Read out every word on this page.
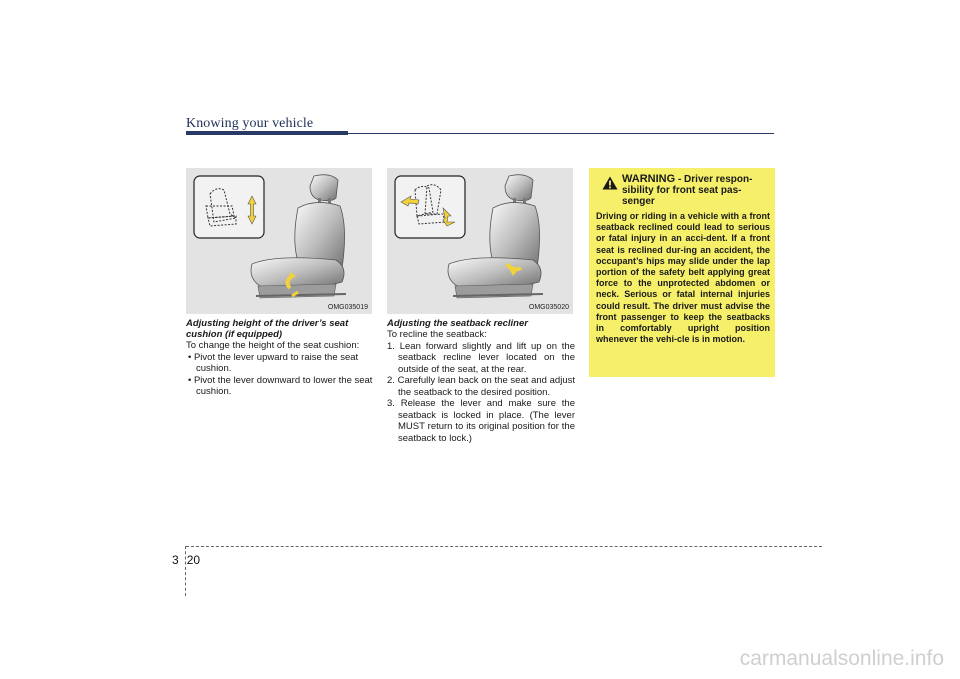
Knowing your vehicle
OMG035019	OMG035020
Adjusting height of the driver’s seat cushion (if equipped)

To change the height of the seat cushion:

• Pivot the lever upward to raise the seat cushion.

• Pivot the lever downward to lower the seat cushion.

Adjusting the seatback recliner

To recline the seatback:

1. Lean forward slightly and lift up on the seatback recline lever located on the outside of the seat, at the rear.

2. Carefully lean back on the seat and adjust the seatback to the desired position.

3. Release the lever and make sure the seatback is locked in place. (The lever MUST return to its original position for the seatback to lock.)

WARNING - Driver respon-sibility for front seat pas-senger
Driving or riding in a vehicle with a front seatback reclined could lead to serious or fatal injury in an acci-dent. If a front seat is reclined dur-ing an accident, the occupant’s hips may slide under the lap portion of the safety belt applying great force to the unprotected abdomen or neck. Serious or fatal internal injuries could result. The driver must advise the front passenger to keep the seatbacks in comfortably upright position whenever the vehi-cle is in motion.
3 20
carmanualsonline.info
